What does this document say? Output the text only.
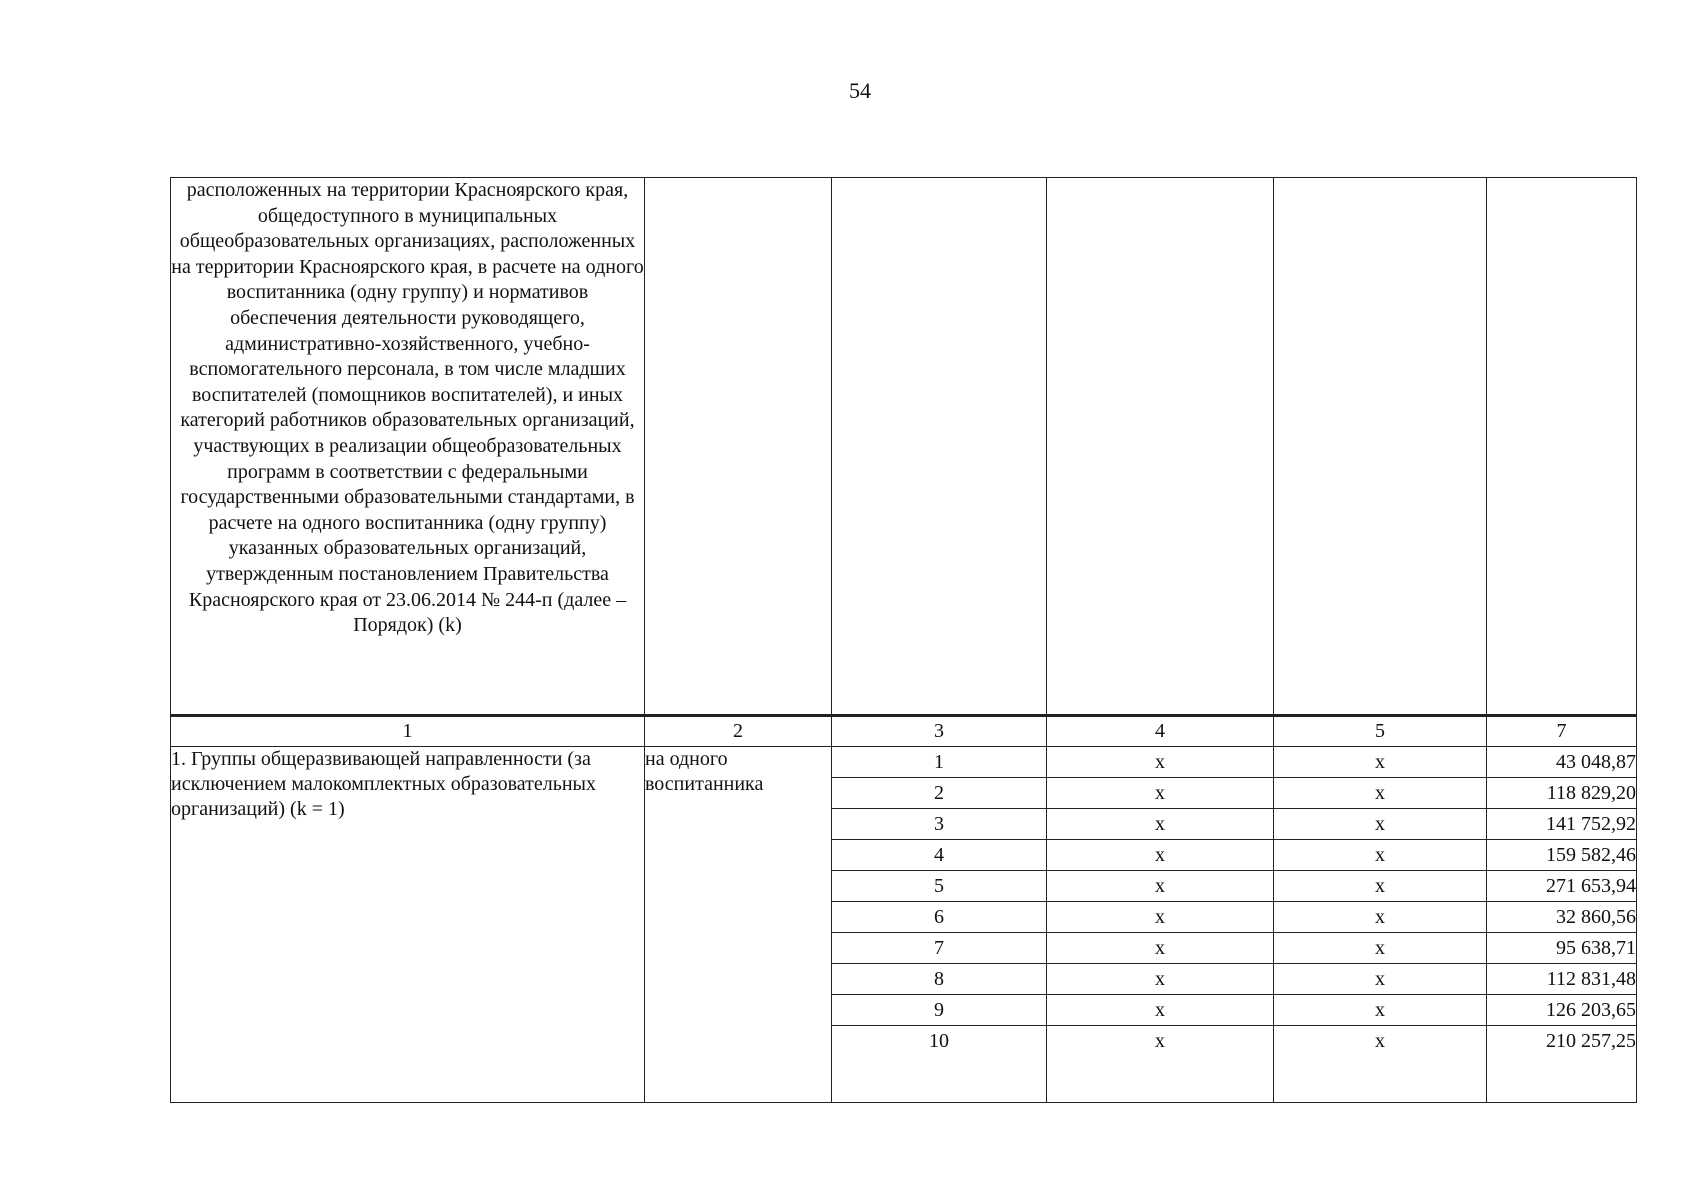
54
расположенных на территории Красноярского края, общедоступного в муниципальных общеобразовательных организациях, расположенных на территории Красноярского края, в расчете на одного воспитанника (одну группу) и нормативов обеспечения деятельности руководящего, административно-хозяйственного, учебно-вспомогательного персонала, в том числе младших воспитателей (помощников воспитателей), и иных категорий работников образовательных организаций, участвующих в реализации общеобразовательных программ в соответствии с федеральными государственными образовательными стандартами, в расчете на одного воспитанника (одну группу) указанных образовательных организаций, утвержденным постановлением Правительства Красноярского края от 23.06.2014 № 244-п (далее – Порядок) (k)					
1	2	3	4	5	7
1. Группы общеразвивающей направленности (за исключением малокомплектных образовательных организаций) (k = 1)	на одного воспитанника	1	x	x	43 048,87
		2	x	x	118 829,20
		3	x	x	141 752,92
		4	x	x	159 582,46
		5	x	x	271 653,94
		6	x	x	32 860,56
		7	x	x	95 638,71
		8	x	x	112 831,48
		9	x	x	126 203,65
		10	x	x	210 257,25
